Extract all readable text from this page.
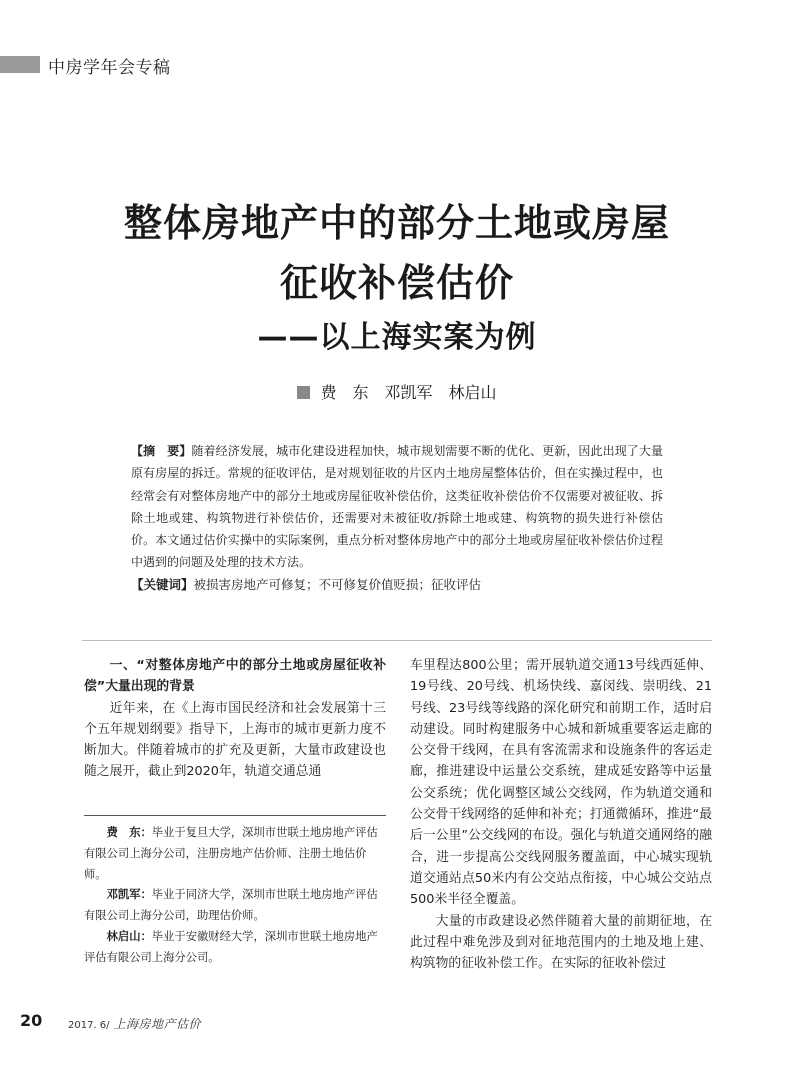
中房学年会专稿
整体房地产中的部分土地或房屋
征收补偿估价
——以上海实案为例
费　东　邓凯军　林启山

【摘　要】随着经济发展，城市化建设进程加快，城市规划需要不断的优化、更新，因此出现了大量原有房屋的拆迁。常规的征收评估，是对规划征收的片区内土地房屋整体估价，但在实操过程中，也经常会有对整体房地产中的部分土地或房屋征收补偿估价，这类征收补偿估价不仅需要对被征收、拆除土地或建、构筑物进行补偿估价，还需要对未被征收/拆除土地或建、构筑物的损失进行补偿估价。本文通过估价实操中的实际案例，重点分析对整体房地产中的部分土地或房屋征收补偿估价过程中遇到的问题及处理的技术方法。

【关键词】被损害房地产可修复；不可修复价值贬损；征收评估

一、“对整体房地产中的部分土地或房屋征收补偿”大量出现的背景

近年来，在《上海市国民经济和社会发展第十三个五年规划纲要》指导下，上海市的城市更新力度不断加大。伴随着城市的扩充及更新，大量市政建设也随之展开，截止到2020年，轨道交通总通

费　东：毕业于复旦大学，深圳市世联土地房地产评估有限公司上海分公司，注册房地产估价师、注册土地估价师。

邓凯军：毕业于同济大学，深圳市世联土地房地产评估有限公司上海分公司，助理估价师。

林启山：毕业于安徽财经大学，深圳市世联土地房地产评估有限公司上海分公司。

车里程达800公里；需开展轨道交通13号线西延伸、19号线、20号线、机场快线、嘉闵线、崇明线、21号线、23号线等线路的深化研究和前期工作，适时启动建设。同时构建服务中心城和新城重要客运走廊的公交骨干线网，在具有客流需求和设施条件的客运走廊，推进建设中运量公交系统，建成延安路等中运量公交系统；优化调整区域公交线网，作为轨道交通和公交骨干线网络的延伸和补充；打通微循环，推进“最后一公里”公交线网的布设。强化与轨道交通网络的融合，进一步提高公交线网服务覆盖面，中心城实现轨道交通站点50米内有公交站点衔接，中心城公交站点500米半径全覆盖。

大量的市政建设必然伴随着大量的前期征地，在此过程中难免涉及到对征地范围内的土地及地上建、构筑物的征收补偿工作。在实际的征收补偿过

20	2017. 6/ 上海房地产估价
